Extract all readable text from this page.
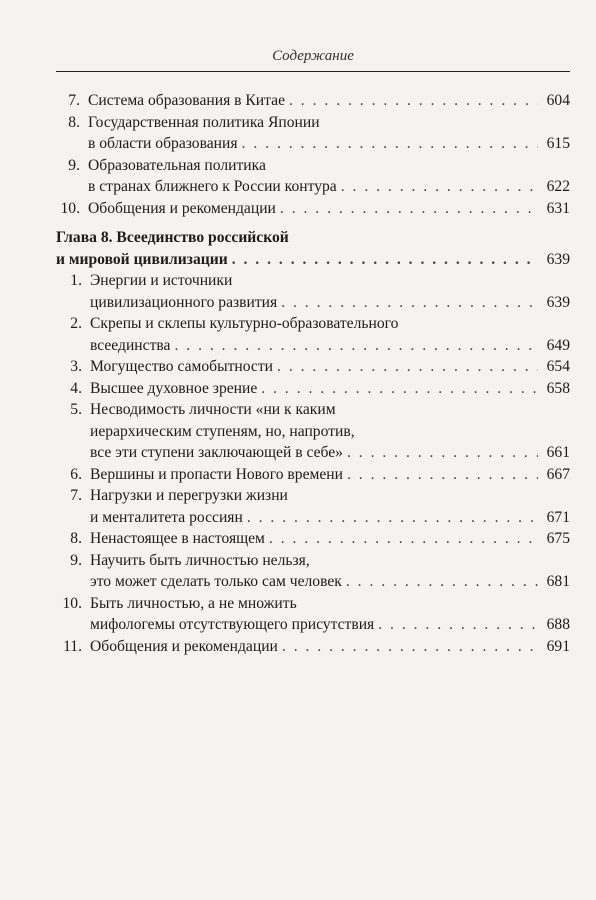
Содержание
7. Система образования в Китае . . .	604
8. Государственная политика Японии
в области образования . . .	615
9. Образовательная политика
в странах ближнего к России контура . . .	622
10. Обобщения и рекомендации . . .	631
Глава 8. Всеединство российской
и мировой цивилизации . . .	639
1. Энергии и источники
цивилизационного развития . . .	639
2. Скрепы и склепы культурно-образовательного
всеединства . . .	649
3. Могущество самобытности . . .	654
4. Высшее духовное зрение . . .	658
5. Несводимость личности «ни к каким
иерархическим ступеням, но, напротив,
все эти ступени заключающей в себе» . . .	661
6. Вершины и пропасти Нового времени . . .	667
7. Нагрузки и перегрузки жизни
и менталитета россиян . . .	671
8. Ненастоящее в настоящем . . .	675
9. Научить быть личностью нельзя,
это может сделать только сам человек . . .	681
10. Быть личностью, а не множить
мифологемы отсутствующего присутствия . . .	688
11. Обобщения и рекомендации . . .	691
